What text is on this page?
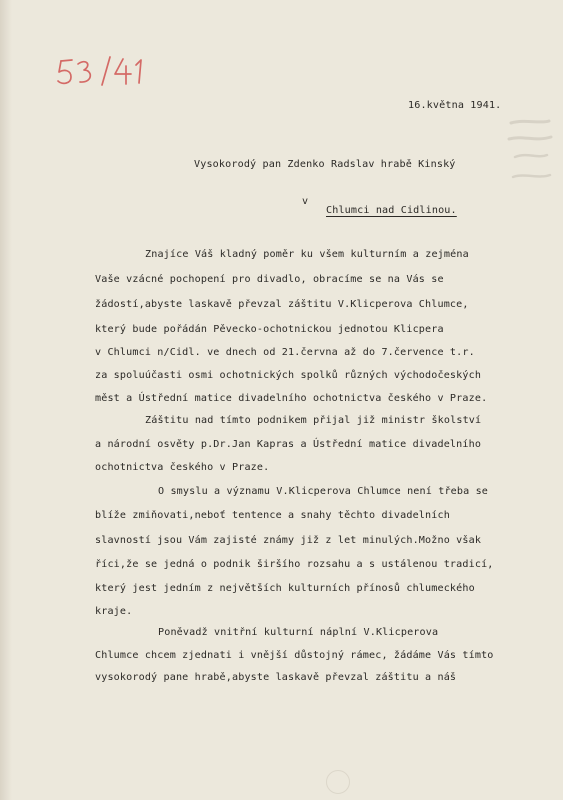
16.května 1941.
Vysokorodý pan Zdenko Radslav hrabě Kinský
v
Chlumci nad Cidlinou.
Znajíce Váš kladný poměr ku všem kulturním a zejména
Vaše vzácné pochopení pro divadlo, obracíme se na Vás se
žádostí,abyste laskavě převzal záštitu V.Klicperova Chlumce,
který bude pořádán Pěvecko-ochotnickou jednotou Klicpera
v Chlumci n/Cidl. ve dnech od 21.června až do 7.července t.r.
za spoluúčasti osmi ochotnických spolků různých východočeských
měst a Ústřední matice divadelního ochotnictva českého v Praze.
Záštitu nad tímto podnikem přijal již ministr školství
a národní osvěty p.Dr.Jan Kapras a Ústřední matice divadelního
ochotnictva českého v Praze.
O smyslu a významu V.Klicperova Chlumce není třeba se
blíže zmiňovati,neboť tentence a snahy těchto divadelních
slavností jsou Vám zajisté známy již z let minulých.Možno však
říci,že se jedná o podnik širšího rozsahu a s ustálenou tradicí,
který jest jedním z největších kulturních přínosů chlumeckého
kraje.
Poněvadž vnitřní kulturní náplní V.Klicperova
Chlumce chcem zjednati i vnější důstojný rámec, žádáme Vás tímto
vysokorodý pane hrabě,abyste laskavě převzal záštitu a náš
